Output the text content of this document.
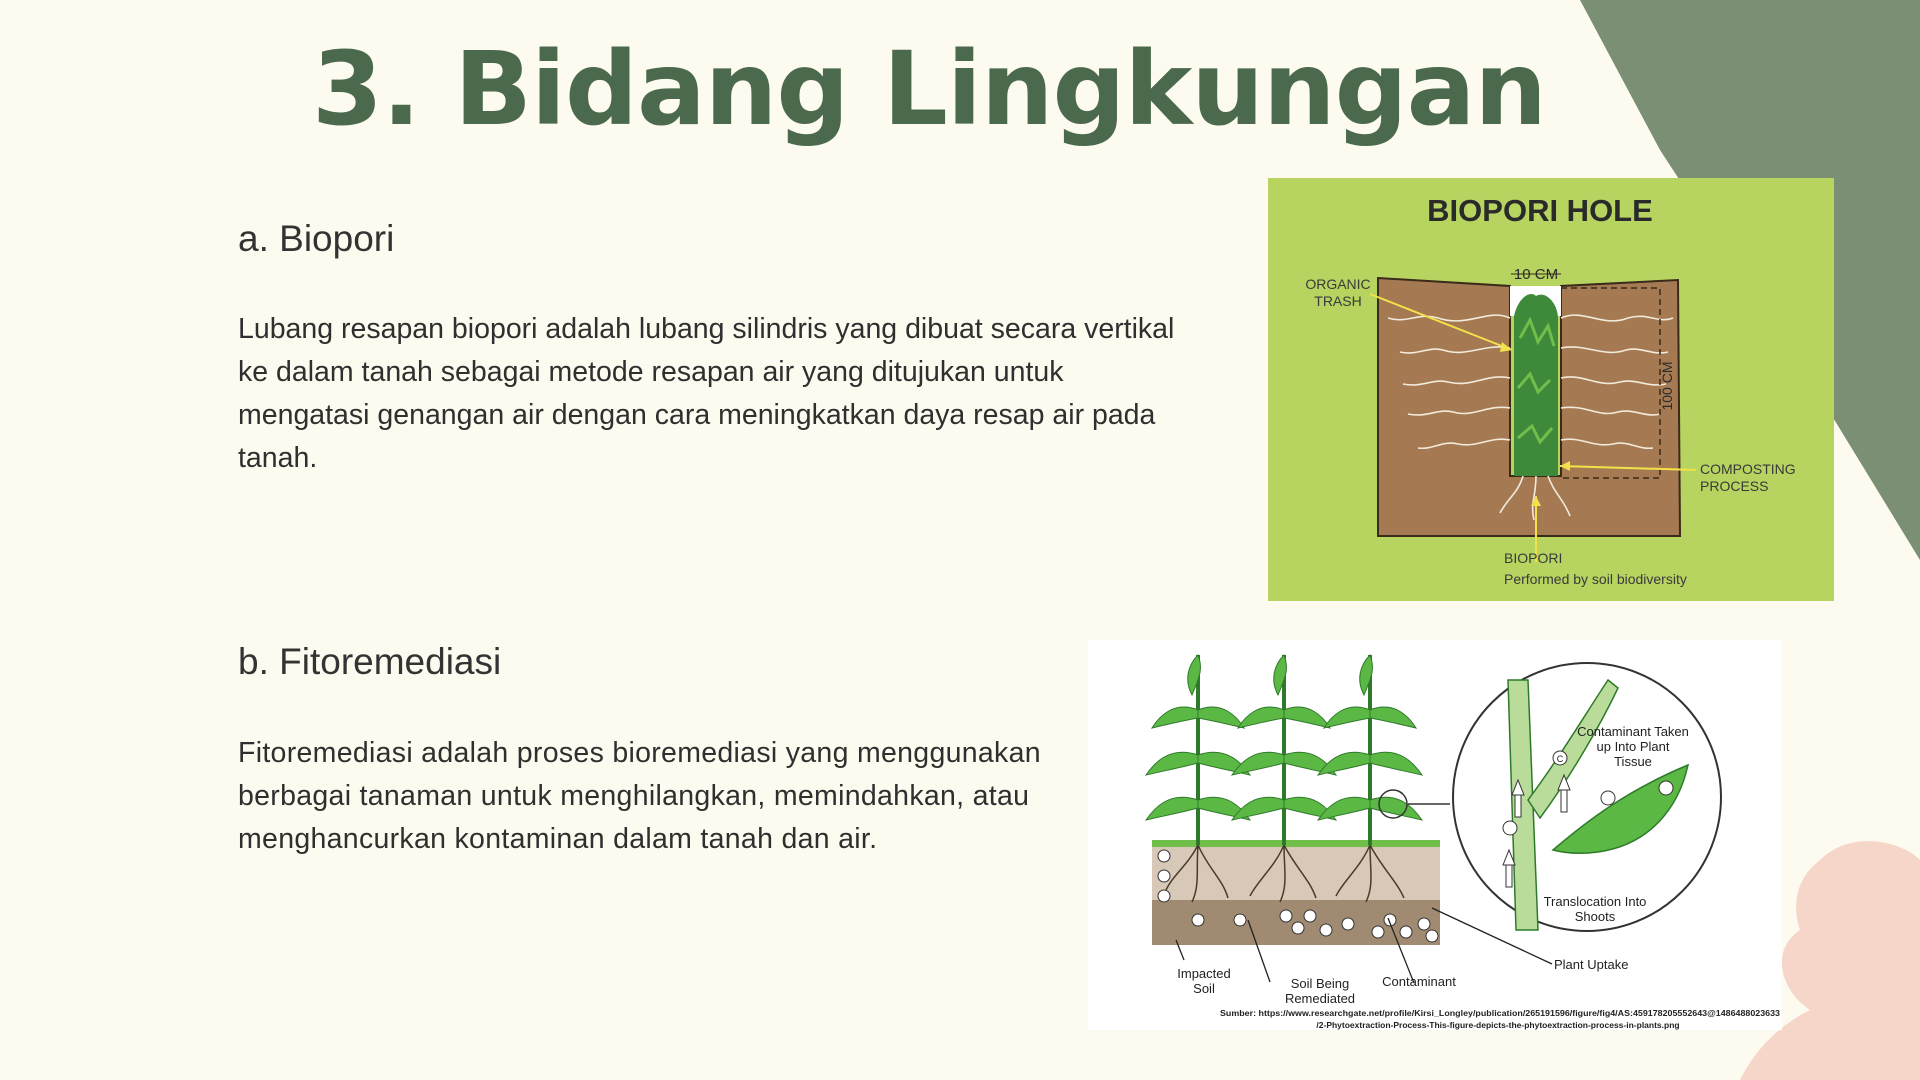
3. Bidang Lingkungan
a. Biopori

Lubang resapan biopori adalah lubang silindris yang dibuat secara vertikal ke dalam tanah sebagai metode resapan air yang ditujukan untuk mengatasi genangan air dengan cara meningkatkan daya resap air pada tanah.

b. Fitoremediasi

Fitoremediasi adalah proses bioremediasi yang menggunakan berbagai tanaman untuk menghilangkan, memindahkan, atau menghancurkan kontaminan dalam tanah dan air.

BIOPORI HOLE
10 CM
100 CM
ORGANIC
TRASH
COMPOSTING
PROCESS
BIOPORI
Performed by soil biodiversity
Contaminant Taken
up Into Plant
Tissue
Translocation Into
Shoots
Plant Uptake
Contaminant
Impacted
Soil	Soil Being
Remediated
C
Sumber: https://www.researchgate.net/profile/Kirsi_Longley/publication/265191596/figure/fig4/AS:459178205552643@1486488023633
/2-Phytoextraction-Process-This-figure-depicts-the-phytoextraction-process-in-plants.png
